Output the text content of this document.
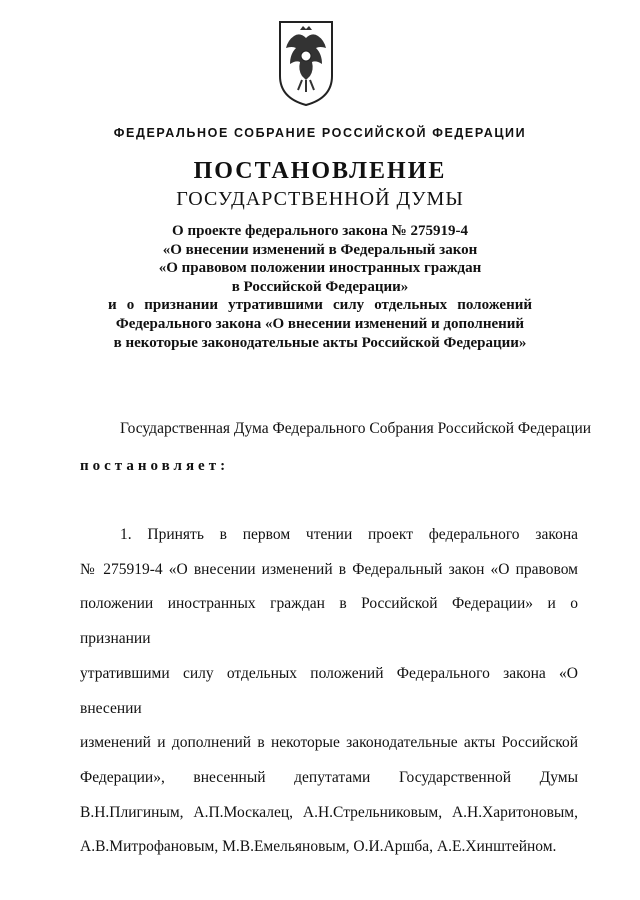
ФЕДЕРАЛЬНОЕ СОБРАНИЕ РОССИЙСКОЙ ФЕДЕРАЦИИ
ПОСТАНОВЛЕНИЕ
ГОСУДАРСТВЕННОЙ ДУМЫ
О проекте федерального закона № 275919-4
«О внесении изменений в Федеральный закон
«О правовом положении иностранных граждан
в Российской Федерации»
и о признании утратившими силу отдельных положений
Федерального закона «О внесении изменений и дополнений
в некоторые законодательные акты Российской Федерации»
Государственная Дума Федерального Собрания Российской Федерации
постановляет:
1. Принять в первом чтении проект федерального закона
№ 275919-4 «О внесении изменений в Федеральный закон «О правовом
положении иностранных граждан в Российской Федерации» и о признании
утратившими силу отдельных положений Федерального закона «О внесении
изменений и дополнений в некоторые законодательные акты Российской
Федерации», внесенный депутатами Государственной Думы
В.Н.Плигиным, А.П.Москалец, А.Н.Стрельниковым, А.Н.Харитоновым,
А.В.Митрофановым, М.В.Емельяновым, О.И.Аршба, А.Е.Хинштейном.
